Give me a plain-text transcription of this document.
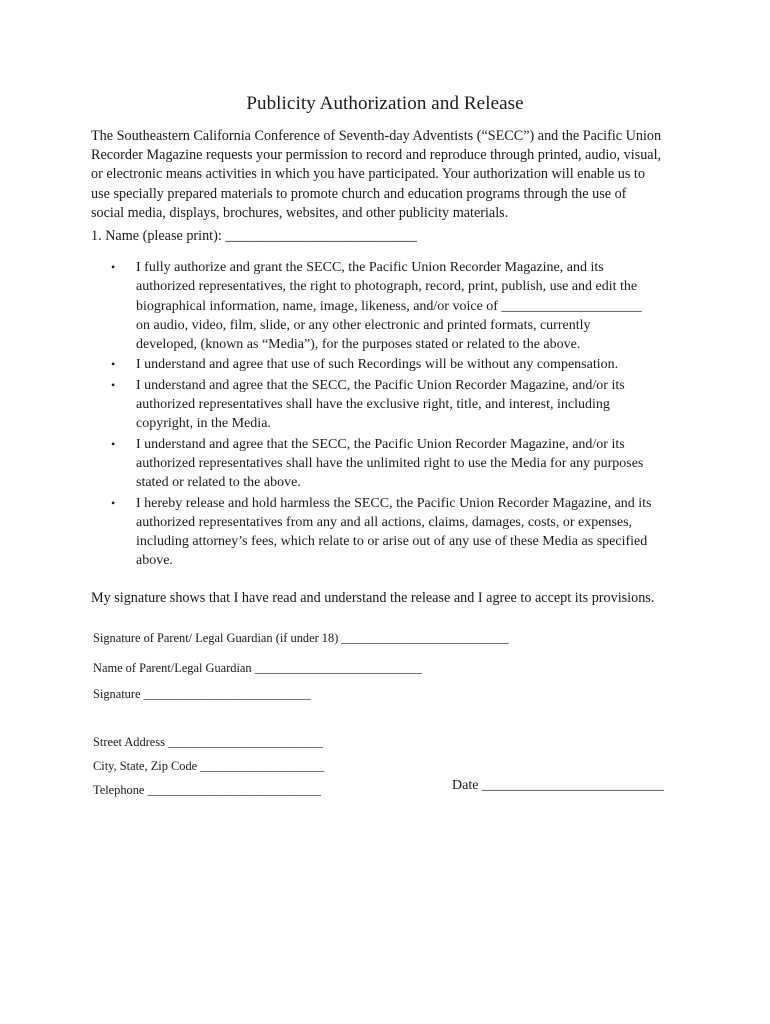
Publicity Authorization and Release
The Southeastern California Conference of Seventh-day Adventists (“SECC”) and the Pacific Union
Recorder Magazine requests your permission to record and reproduce through printed, audio, visual,
or electronic means activities in which you have participated. Your authorization will enable us to
use specially prepared materials to promote church and education programs through the use of
social media, displays, brochures, websites, and other publicity materials.
1. Name (please print): ___________________________
• I fully authorize and grant the SECC, the Pacific Union Recorder Magazine, and its
authorized representatives, the right to photograph, record, print, publish, use and edit the
biographical information, name, image, likeness, and/or voice of ____________________
on audio, video, film, slide, or any other electronic and printed formats, currently
developed, (known as “Media”), for the purposes stated or related to the above.
• I understand and agree that use of such Recordings will be without any compensation.
• I understand and agree that the SECC, the Pacific Union Recorder Magazine, and/or its
authorized representatives shall have the exclusive right, title, and interest, including
copyright, in the Media.
• I understand and agree that the SECC, the Pacific Union Recorder Magazine, and/or its
authorized representatives shall have the unlimited right to use the Media for any purposes
stated or related to the above.
• I hereby release and hold harmless the SECC, the Pacific Union Recorder Magazine, and its
authorized representatives from any and all actions, claims, damages, costs, or expenses,
including attorney’s fees, which relate to or arise out of any use of these Media as specified
above.
My signature shows that I have read and understand the release and I agree to accept its provisions.
Signature of Parent/ Legal Guardian (if under 18) ___________________________
Name of Parent/Legal Guardian ___________________________
Signature ___________________________
Street Address _________________________
City, State, Zip Code ____________________
Telephone ____________________________	Date __________________________
